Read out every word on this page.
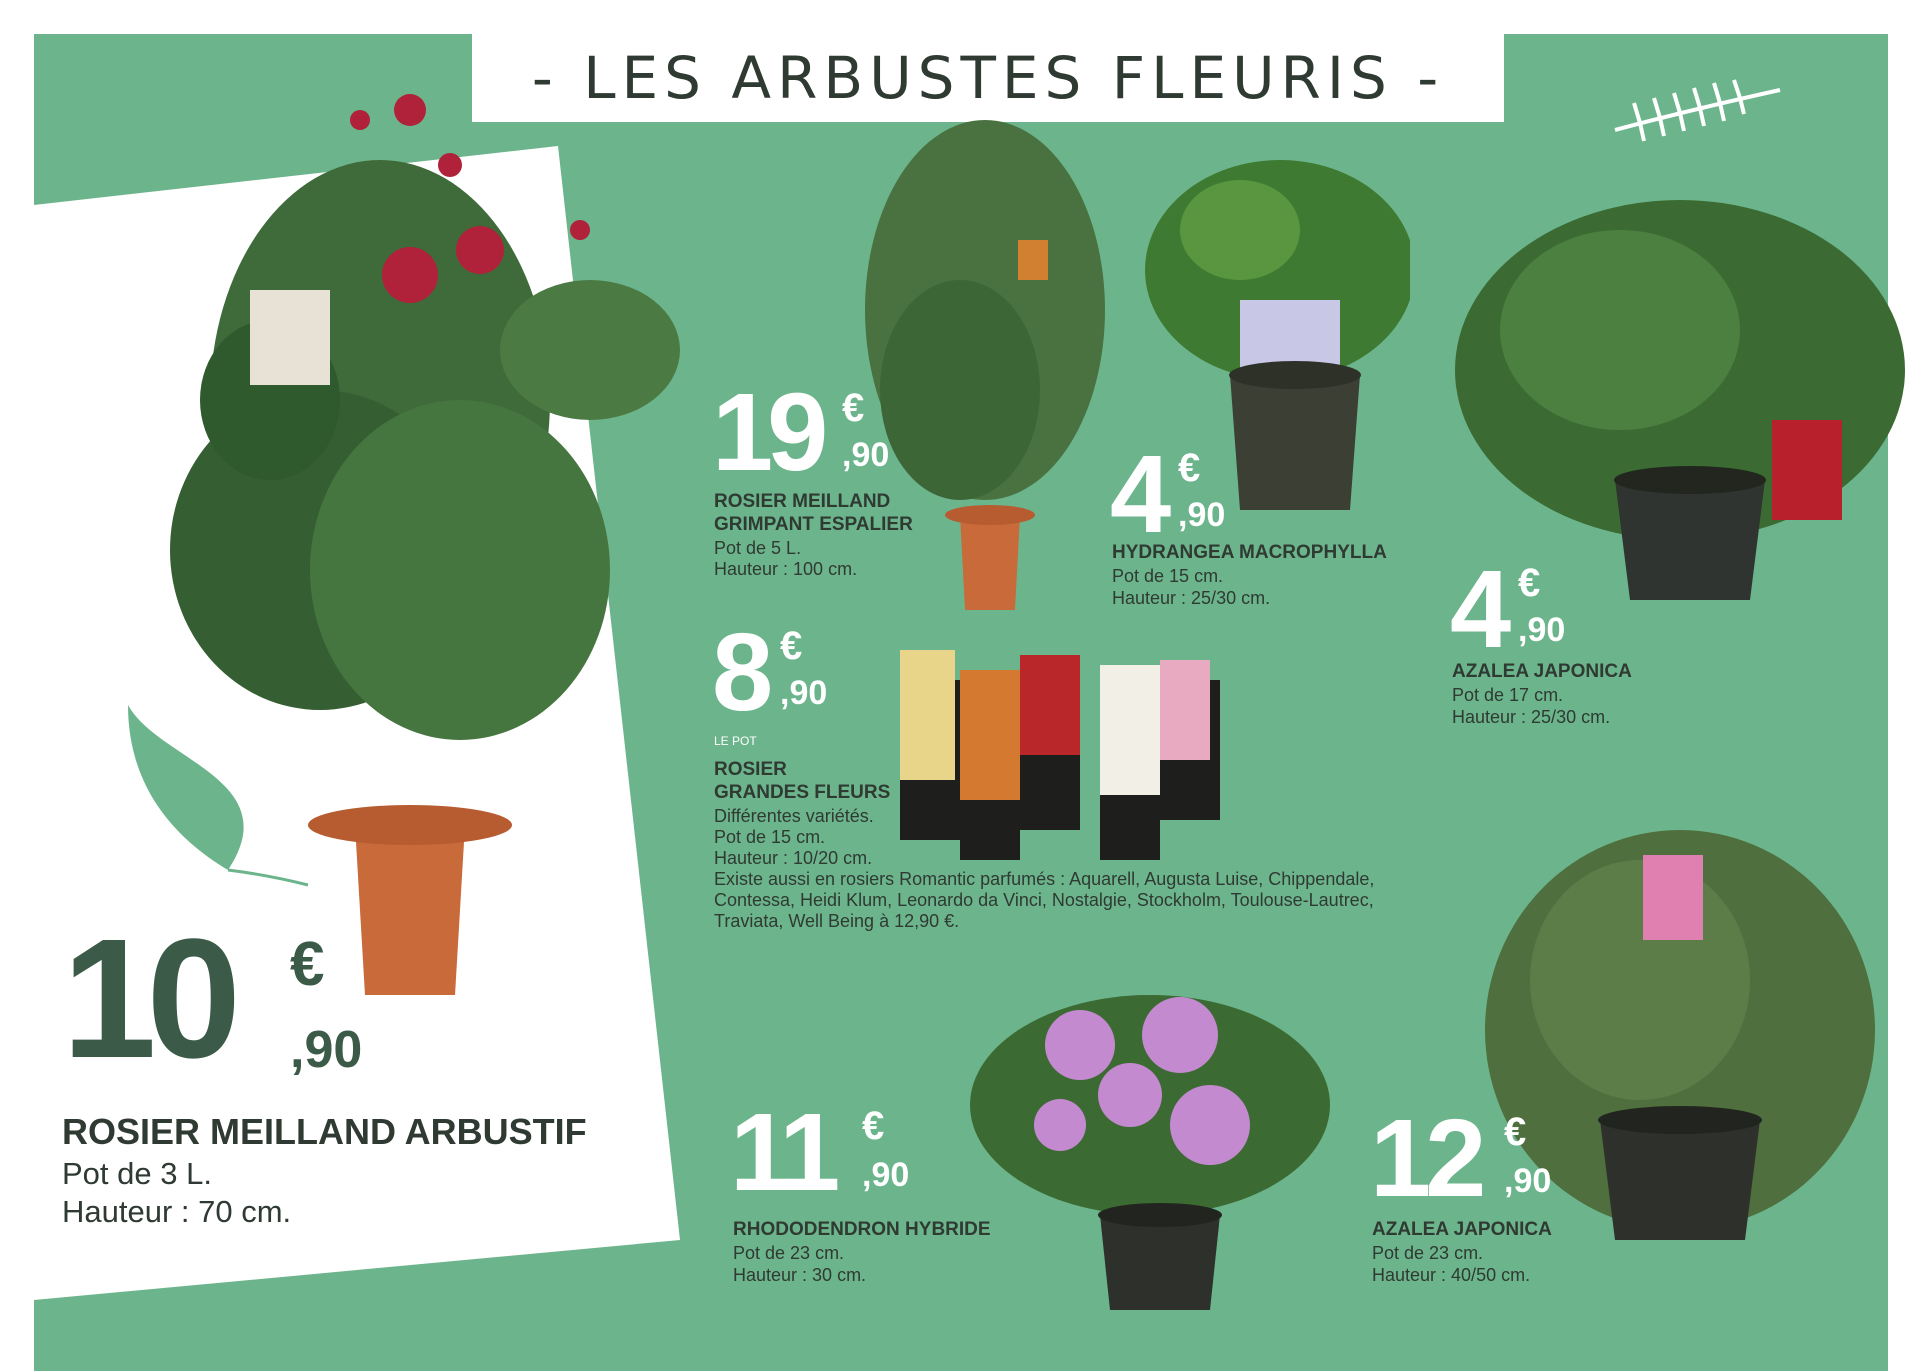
- LES ARBUSTES FLEURIS -
10 €
,90
ROSIER MEILLAND ARBUSTIF
Pot de 3 L.
Hauteur : 70 cm.
19 €
,90
ROSIER MEILLAND
GRIMPANT ESPALIER
Pot de 5 L.
Hauteur : 100 cm.
4 €
,90
HYDRANGEA MACROPHYLLA
Pot de 15 cm.
Hauteur : 25/30 cm. 4 €
,90
AZALEA JAPONICA
Pot de 17 cm.
Hauteur : 25/30 cm.
8 €
,90
LE POT
ROSIER
GRANDES FLEURS
Différentes variétés.
Pot de 15 cm.
Hauteur : 10/20 cm.
Existe aussi en rosiers Romantic parfumés : Aquarell, Augusta Luise, Chippendale,
Contessa, Heidi Klum, Leonardo da Vinci, Nostalgie, Stockholm, Toulouse-Lautrec,
Traviata, Well Being à 12,90 €.
11 €
,90
RHODODENDRON HYBRIDE
Pot de 23 cm.
Hauteur : 30 cm.
12 €
,90
AZALEA JAPONICA
Pot de 23 cm.
Hauteur : 40/50 cm.
